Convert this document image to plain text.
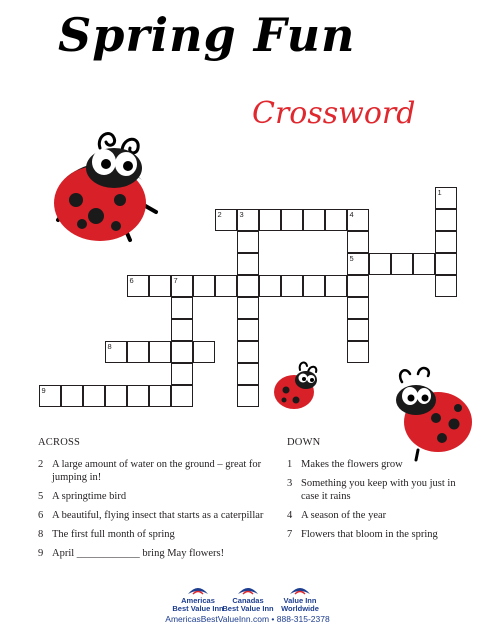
Spring Fun
Crossword
2 3	4
5
6	7
8
9
1
ACROSS
2 A large amount of water on the ground – great for jumping in!
5 A springtime bird
6 A beautiful, flying insect that starts as a caterpillar
8 The first full month of spring
9 April ____________ bring May flowers!
DOWN
1 Makes the flowers grow
3 Something you keep with you just in case it rains
4 A season of the year
7 Flowers that bloom in the spring
Americas
Best Value Inn
Canadas
Best Value Inn
Value Inn
Worldwide
AmericasBestValueInn.com • 888-315-2378
